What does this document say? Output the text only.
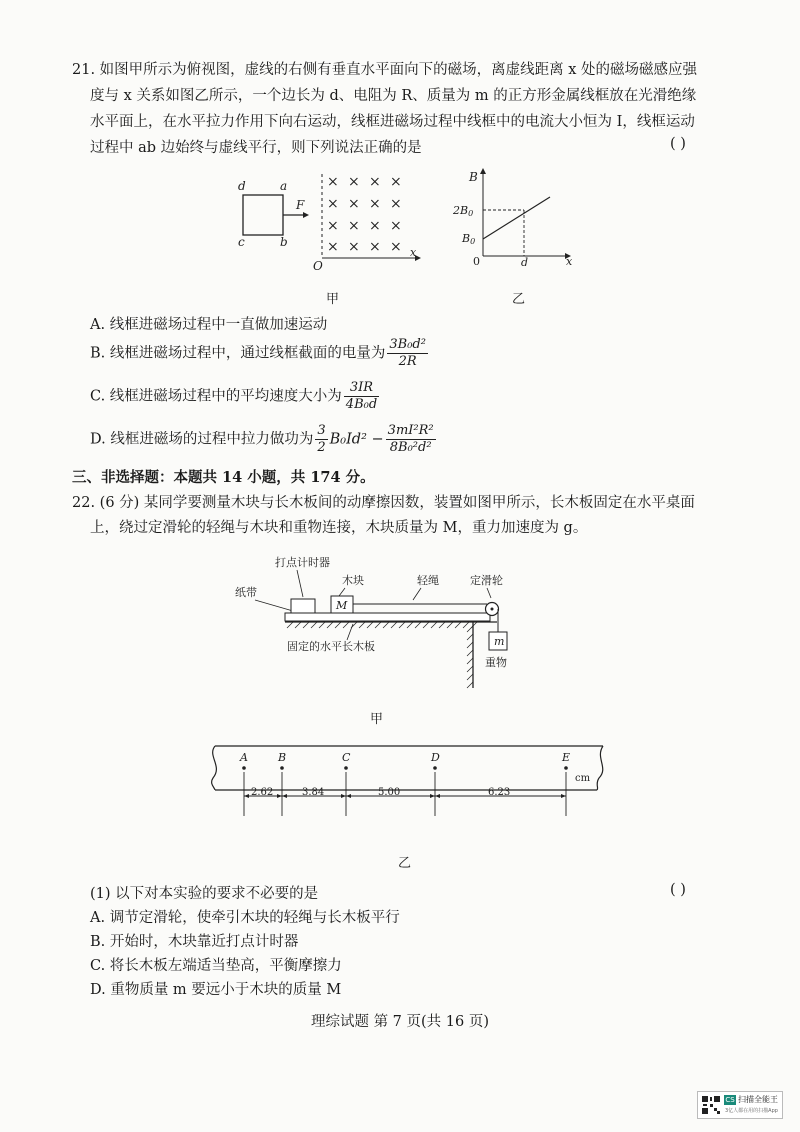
21. 如图甲所示为俯视图，虚线的右侧有垂直水平面向下的磁场，离虚线距离 x 处的磁场磁感应强
度与 x 关系如图乙所示，一个边长为 d、电阻为 R、质量为 m 的正方形金属线框放在光滑绝缘
水平面上，在水平拉力作用下向右运动，线框进磁场过程中线框中的电流大小恒为 I，线框运动
过程中 ab 边始终与虚线平行，则下列说法正确的是	( )
d	a
c	b
F
O
x
× × × ×
× × × ×
× × × ×
× × × ×
甲
B
x
0
2B0
B0
d
乙
A. 线框进磁场过程中一直做加速运动
B. 线框进磁场过程中，通过线框截面的电量为 $\frac{\text{3B₀d²}}{2R}$
C. 线框进磁场过程中的平均速度大小为 $\frac{3IR}{\text{4B₀d}}$
D. 线框进磁场的过程中拉力做功为 $\frac{3}{2} B_0Id^2 - \frac{\text{3mI²R²}}{\text{8B₀²d²}}$
三、非选择题：本题共 14 小题，共 174 分。
22. (6 分) 某同学要测量木块与长木板间的动摩擦因数，装置如图甲所示，长木板固定在水平桌面
上，绕过定滑轮的轻绳与木块和重物连接，木块质量为 M，重力加速度为 g。
打点计时器
木块	轻绳	定滑轮
纸带
M
m
重物
固定的水平长木板
甲
A	B	C	D	E
cm
2.62	3.84	5.00	6.23
乙
(1) 以下对本实验的要求不必要的是	( )
A. 调节定滑轮，使牵引木块的轻绳与长木板平行
B. 开始时，木块靠近打点计时器
C. 将长木板左端适当垫高，平衡摩擦力
D. 重物质量 m 要远小于木块的质量 M
理综试题 第 7 页(共 16 页)
CS 扫描全能王
3亿人都在用的扫描App
